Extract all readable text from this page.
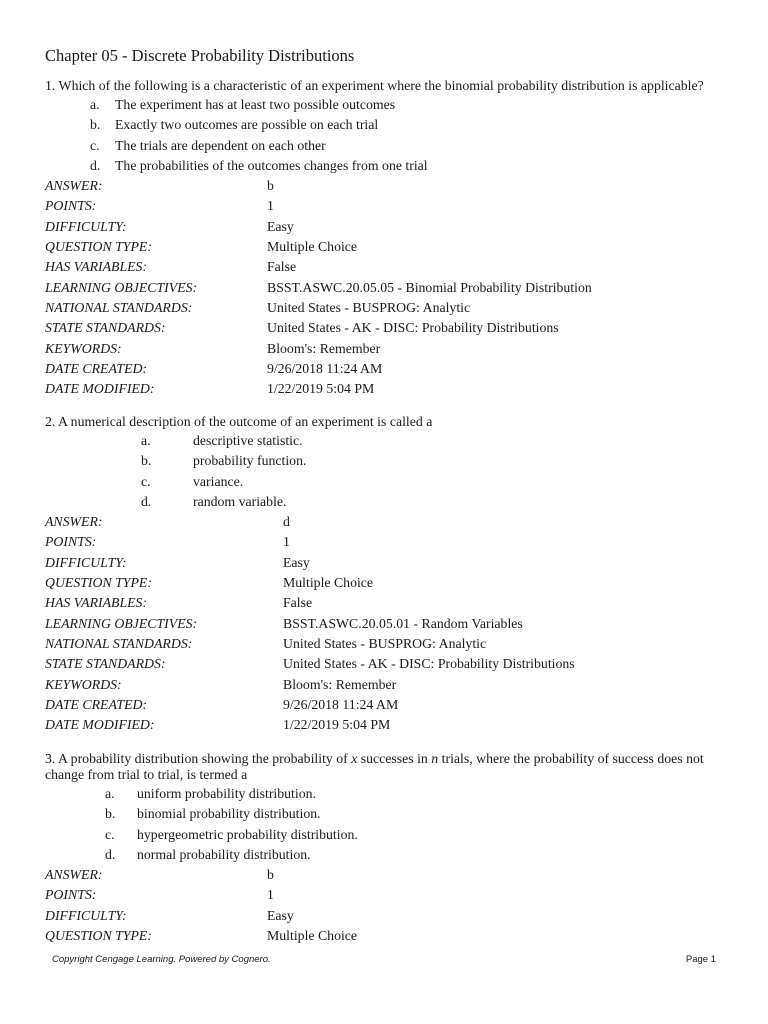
Chapter 05 - Discrete Probability Distributions
1. Which of the following is a characteristic of an experiment where the binomial probability distribution is applicable?
a. The experiment has at least two possible outcomes
b. Exactly two outcomes are possible on each trial
c. The trials are dependent on each other
d. The probabilities of the outcomes changes from one trial
ANSWER:	b
POINTS:	1
DIFFICULTY:	Easy
QUESTION TYPE:	Multiple Choice
HAS VARIABLES:	False
LEARNING OBJECTIVES:	BSST.ASWC.20.05.05 - Binomial Probability Distribution
NATIONAL STANDARDS:	United States - BUSPROG: Analytic
STATE STANDARDS:	United States - AK - DISC: Probability Distributions
KEYWORDS:	Bloom's: Remember
DATE CREATED:	9/26/2018 11:24 AM
DATE MODIFIED:	1/22/2019 5:04 PM
2. A numerical description of the outcome of an experiment is called a
a.	descriptive statistic.
b.	probability function.
c.	variance.
d.	random variable.
ANSWER:	d
POINTS:	1
DIFFICULTY:	Easy
QUESTION TYPE:	Multiple Choice
HAS VARIABLES:	False
LEARNING OBJECTIVES:	BSST.ASWC.20.05.01 - Random Variables
NATIONAL STANDARDS:	United States - BUSPROG: Analytic
STATE STANDARDS:	United States - AK - DISC: Probability Distributions
KEYWORDS:	Bloom's: Remember
DATE CREATED:	9/26/2018 11:24 AM
DATE MODIFIED:	1/22/2019 5:04 PM
3. A probability distribution showing the probability of x successes in n trials, where the probability of success does not change from trial to trial, is termed a
a. uniform probability distribution.
b. binomial probability distribution.
c. hypergeometric probability distribution.
d. normal probability distribution.
ANSWER:	b
POINTS:	1
DIFFICULTY:	Easy
QUESTION TYPE:	Multiple Choice
Copyright Cengage Learning. Powered by Cognero.	Page 1
